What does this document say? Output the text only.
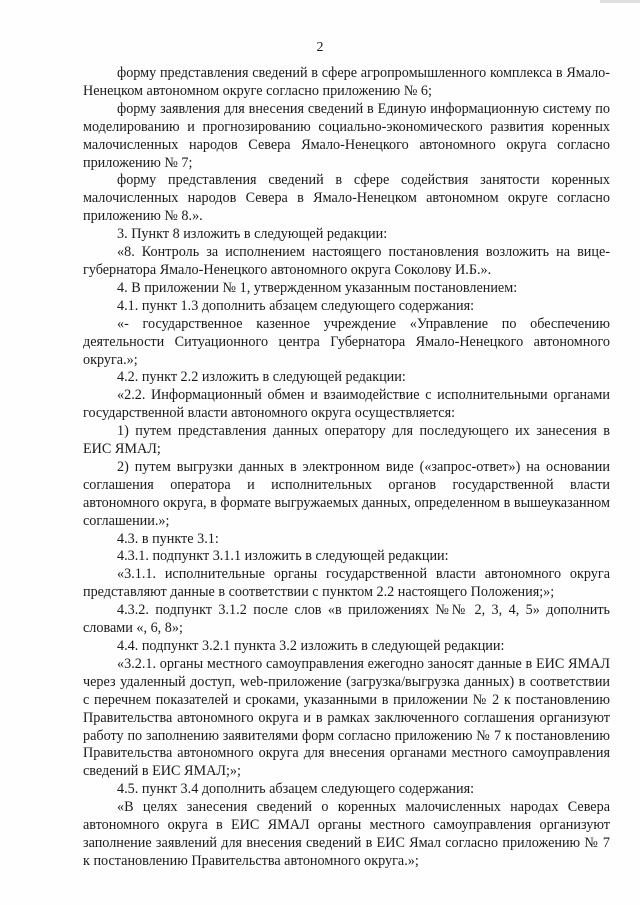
2

форму представления сведений в сфере агропромышленного комплекса в Ямало-Ненецком автономном округе согласно приложению № 6;

форму заявления для внесения сведений в Единую информационную систему по моделированию и прогнозированию социально-экономического развития коренных малочисленных народов Севера Ямало-Ненецкого автономного округа согласно приложению № 7;

форму представления сведений в сфере содействия занятости коренных малочисленных народов Севера в Ямало-Ненецком автономном округе согласно приложению № 8.».

3. Пункт 8 изложить в следующей редакции:

«8. Контроль за исполнением настоящего постановления возложить на вице-губернатора Ямало-Ненецкого автономного округа Соколову И.Б.».

4. В приложении № 1, утвержденном указанным постановлением:

4.1. пункт 1.3 дополнить абзацем следующего содержания:

«- государственное казенное учреждение «Управление по обеспечению деятельности Ситуационного центра Губернатора Ямало-Ненецкого автономного округа.»;

4.2. пункт 2.2 изложить в следующей редакции:

«2.2. Информационный обмен и взаимодействие с исполнительными органами государственной власти автономного округа осуществляется:

1) путем представления данных оператору для последующего их занесения в ЕИС ЯМАЛ;

2) путем выгрузки данных в электронном виде («запрос-ответ») на основании соглашения оператора и исполнительных органов государственной власти автономного округа, в формате выгружаемых данных, определенном в вышеуказанном соглашении.»;

4.3. в пункте 3.1:

4.3.1. подпункт 3.1.1 изложить в следующей редакции:

«3.1.1. исполнительные органы государственной власти автономного округа представляют данные в соответствии с пунктом 2.2 настоящего Положения;»;

4.3.2. подпункт 3.1.2 после слов «в приложениях №№ 2, 3, 4, 5» дополнить словами «, 6, 8»;

4.4. подпункт 3.2.1 пункта 3.2 изложить в следующей редакции:

«3.2.1. органы местного самоуправления ежегодно заносят данные в ЕИС ЯМАЛ через удаленный доступ, web-приложение (загрузка/выгрузка данных) в соответствии с перечнем показателей и сроками, указанными в приложении № 2 к постановлению Правительства автономного округа и в рамках заключенного соглашения организуют работу по заполнению заявителями форм согласно приложению № 7 к постановлению Правительства автономного округа для внесения органами местного самоуправления сведений в ЕИС ЯМАЛ;»;

4.5. пункт 3.4 дополнить абзацем следующего содержания:

«В целях занесения сведений о коренных малочисленных народах Севера автономного округа в ЕИС ЯМАЛ органы местного самоуправления организуют заполнение заявлений для внесения сведений в ЕИС Ямал согласно приложению № 7 к постановлению Правительства автономного округа.»;
